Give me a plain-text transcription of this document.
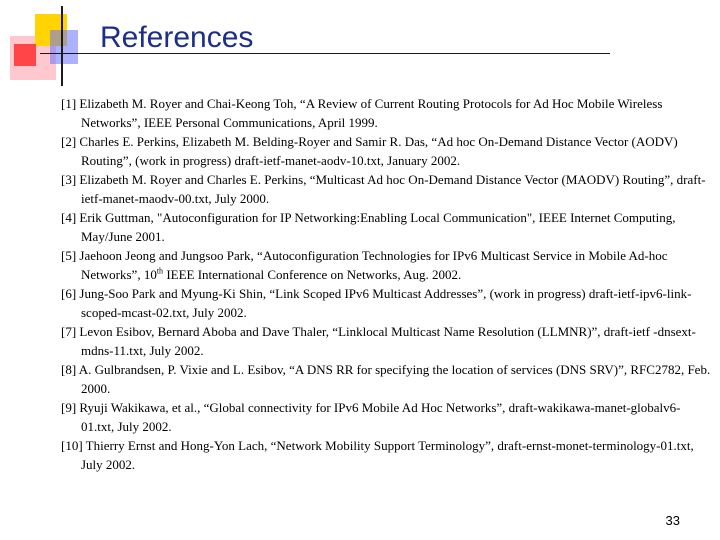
References

[1] Elizabeth M. Royer and Chai-Keong Toh, “A Review of Current Routing Protocols for Ad Hoc Mobile Wireless Networks”, IEEE Personal Communications, April 1999.

[2] Charles E. Perkins, Elizabeth M. Belding-Royer and Samir R. Das, “Ad hoc On-Demand Distance Vector (AODV) Routing”, (work in progress) draft-ietf-manet-aodv-10.txt, January 2002.

[3] Elizabeth M. Royer and Charles E. Perkins, “Multicast Ad hoc On-Demand Distance Vector (MAODV) Routing”, draft-ietf-manet-maodv-00.txt, July 2000.

[4] Erik Guttman, "Autoconfiguration for IP Networking:Enabling Local Communication", IEEE Internet Computing, May/June 2001.

[5] Jaehoon Jeong and Jungsoo Park, “Autoconfiguration Technologies for IPv6 Multicast Service in Mobile Ad-hoc Networks”, 10th IEEE International Conference on Networks, Aug. 2002.

[6] Jung-Soo Park and Myung-Ki Shin, “Link Scoped IPv6 Multicast Addresses”, (work in progress) draft-ietf-ipv6-link-scoped-mcast-02.txt, July 2002.

[7] Levon Esibov, Bernard Aboba and Dave Thaler, “Linklocal Multicast Name Resolution (LLMNR)”, draft-ietf -dnsext-mdns-11.txt, July 2002.

[8] A. Gulbrandsen, P. Vixie and L. Esibov, “A DNS RR for specifying the location of services (DNS SRV)”, RFC2782, Feb. 2000.

[9] Ryuji Wakikawa, et al., “Global connectivity for IPv6 Mobile Ad Hoc Networks”, draft-wakikawa-manet-globalv6-01.txt, July 2002.

[10] Thierry Ernst and Hong-Yon Lach, “Network Mobility Support Terminology”, draft-ernst-monet-terminology-01.txt, July 2002.

33
